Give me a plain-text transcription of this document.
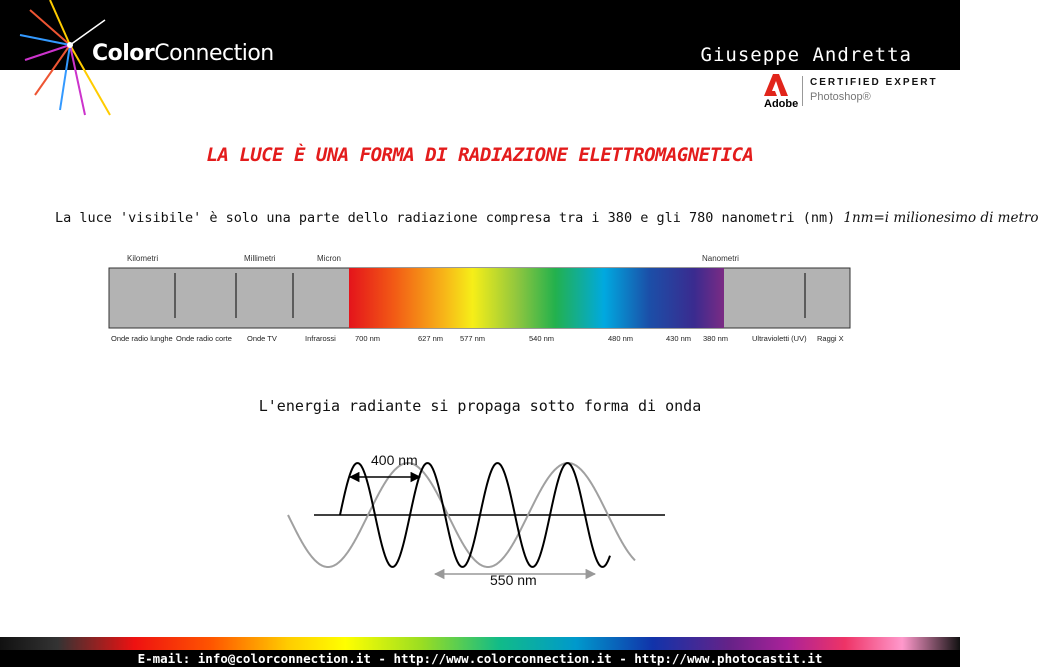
ColorConnection	Giuseppe Andretta
Adobe
CERTIFIED EXPERT
Photoshop®
LA LUCE È UNA FORMA DI RADIAZIONE ELETTROMAGNETICA
La luce 'visibile' è solo una parte dello radiazione compresa tra i 380 e gli 780 nanometri (nm) 1nm=i milionesimo di metro
Kilometri	Millimetri	Micron	Nanometri
Onde radio lunghe Onde radio corte Onde TV	Infrarossi	700 nm	627 nm 577 nm	540 nm	480 nm	430 nm 380 nm	Ultravioletti (UV) Raggi X
L'energia radiante si propaga sotto forma di onda
400 nm
550 nm
E-mail: info@colorconnection.it - http://www.colorconnection.it - http://www.photocastit.it
